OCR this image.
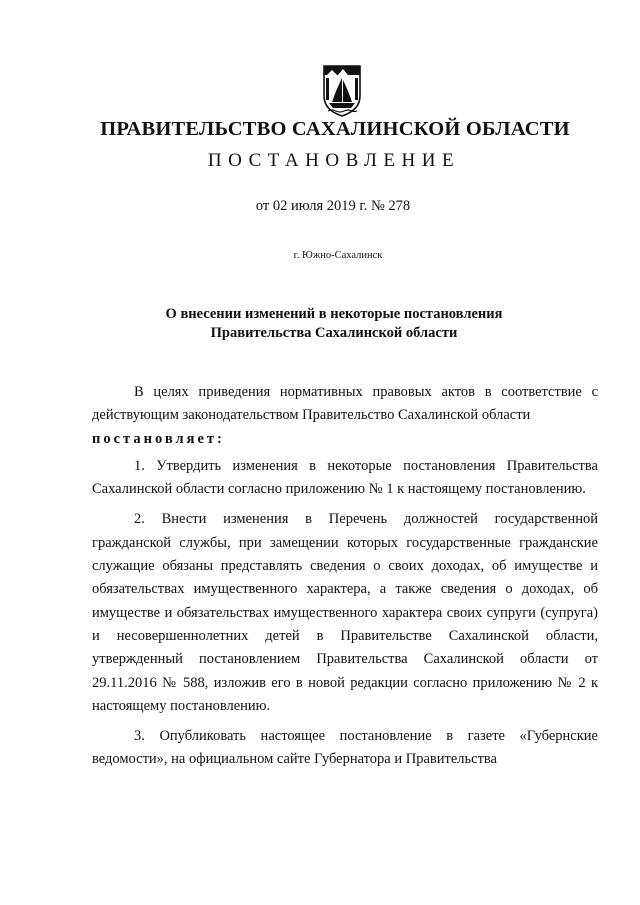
ПРАВИТЕЛЬСТВО САХАЛИНСКОЙ ОБЛАСТИ
ПОСТАНОВЛЕНИЕ
от 02 июля 2019 г. № 278
г. Южно-Сахалинск
О внесении изменений в некоторые постановления
Правительства Сахалинской области

В целях приведения нормативных правовых актов в соответствие с действующим законодательством Правительство Сахалинской области

постановляет:

1. Утвердить изменения в некоторые постановления Правительства Сахалинской области согласно приложению № 1 к настоящему постановлению.

2. Внести изменения в Перечень должностей государственной гражданской службы, при замещении которых государственные гражданские служащие обязаны представлять сведения о своих доходах, об имуществе и обязательствах имущественного характера, а также сведения о доходах, об имуществе и обязательствах имущественного характера своих супруги (супруга) и несовершеннолетних детей в Правительстве Сахалинской области, утвержденный постановлением Правительства Сахалинской области от 29.11.2016 № 588, изложив его в новой редакции согласно приложению № 2 к настоящему постановлению.

3. Опубликовать настоящее постановление в газете «Губернские ведомости», на официальном сайте Губернатора и Правительства
